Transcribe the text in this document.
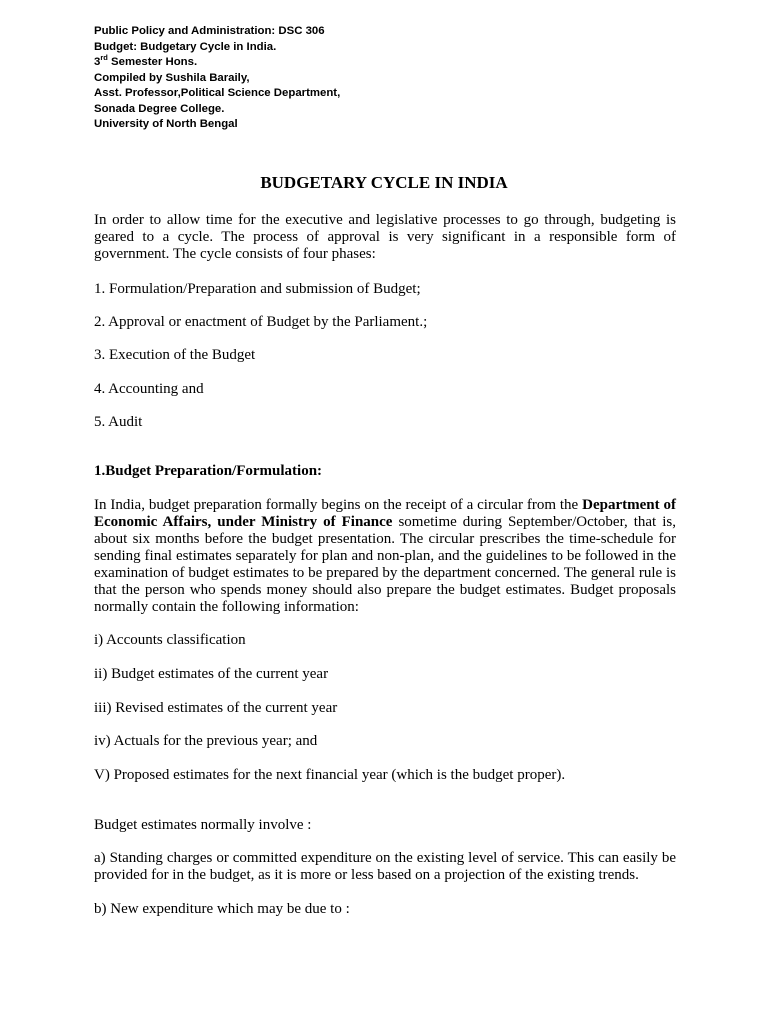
Public Policy and Administration: DSC 306
Budget: Budgetary Cycle in India.
3rd Semester Hons.
Compiled by Sushila Baraily,
Asst. Professor,Political Science Department,
Sonada Degree College.
University of North Bengal
BUDGETARY CYCLE IN INDIA

In order to allow time for the executive and legislative processes to go through, budgeting is geared to a cycle. The process of approval is very significant in a responsible form of government. The cycle consists of four phases:

1. Formulation/Preparation and submission of Budget;

2. Approval or enactment of Budget by the Parliament.;

3. Execution of the Budget

4. Accounting and

5. Audit

1.Budget Preparation/Formulation:

In India, budget preparation formally begins on the receipt of a circular from the Department of Economic Affairs, under Ministry of Finance sometime during September/October, that is, about six months before the budget presentation. The circular prescribes the time-schedule for sending final estimates separately for plan and non-plan, and the guidelines to be followed in the examination of budget estimates to be prepared by the department concerned. The general rule is that the person who spends money should also prepare the budget estimates. Budget proposals normally contain the following information:

i) Accounts classification

ii) Budget estimates of the current year

iii) Revised estimates of the current year

iv) Actuals for the previous year; and

V) Proposed estimates for the next financial year (which is the budget proper).

Budget estimates normally involve :

a) Standing charges or committed expenditure on the existing level of service. This can easily be provided for in the budget, as it is more or less based on a projection of the existing trends.

b) New expenditure which may be due to :
